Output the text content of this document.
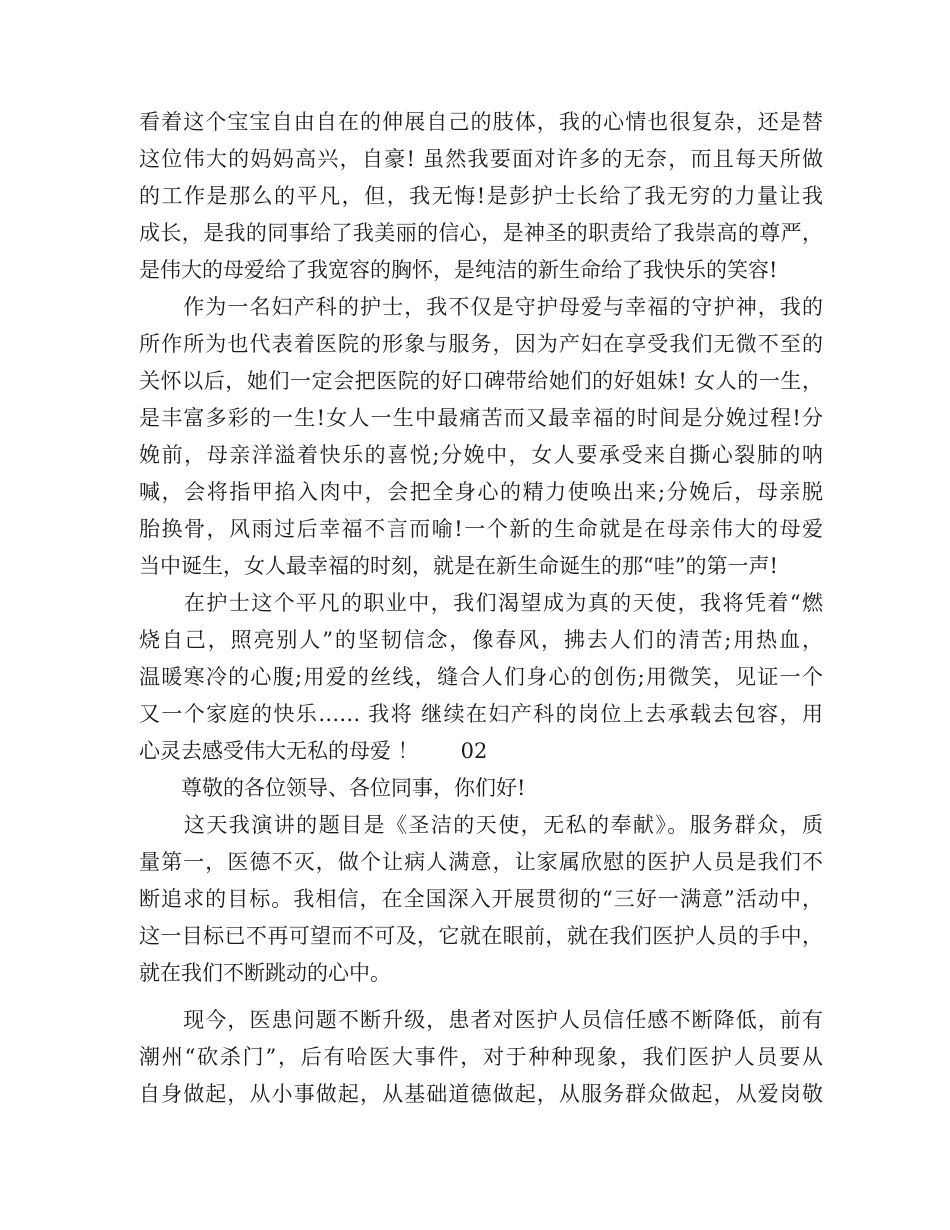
看着这个宝宝自由自在的伸展自己的肢体，我的心情也很复杂，还是替
这位伟大的妈妈高兴，自豪! 虽然我要面对许多的无奈，而且每天所做
的工作是那么的平凡，但，我无悔!是彭护士长给了我无穷的力量让我
成长，是我的同事给了我美丽的信心，是神圣的职责给了我崇高的尊严，
是伟大的母爱给了我宽容的胸怀，是纯洁的新生命给了我快乐的笑容!
　　作为一名妇产科的护士，我不仅是守护母爱与幸福的守护神，我的
所作所为也代表着医院的形象与服务，因为产妇在享受我们无微不至的
关怀以后，她们一定会把医院的好口碑带给她们的好姐妹! 女人的一生，
是丰富多彩的一生!女人一生中最痛苦而又最幸福的时间是分娩过程!分
娩前，母亲洋溢着快乐的喜悦;分娩中，女人要承受来自撕心裂肺的呐
喊，会将指甲掐入肉中，会把全身心的精力使唤出来;分娩后，母亲脱
胎换骨，风雨过后幸福不言而喻!一个新的生命就是在母亲伟大的母爱
当中诞生，女人最幸福的时刻，就是在新生命诞生的那“哇”的第一声!
　　在护士这个平凡的职业中，我们渴望成为真的天使，我将凭着“燃
烧自己，照亮别人”的坚韧信念，像春风，拂去人们的清苦;用热血，
温暖寒冷的心腹;用爱的丝线，缝合人们身心的创伤;用微笑，见证一个
又一个家庭的快乐…… 我将 继续在妇产科的岗位上去承载去包容，用
心灵去感受伟大无私的母爱 ！　　02
　　尊敬的各位领导、各位同事，你们好!
　　这天我演讲的题目是《圣洁的天使，无私的奉献》。服务群众，质
量第一，医德不灭，做个让病人满意，让家属欣慰的医护人员是我们不
断追求的目标。我相信，在全国深入开展贯彻的“三好一满意”活动中，
这一目标已不再可望而不可及，它就在眼前，就在我们医护人员的手中，
就在我们不断跳动的心中。
　　现今，医患问题不断升级，患者对医护人员信任感不断降低，前有
潮州“砍杀门”，后有哈医大事件，对于种种现象，我们医护人员要从
自身做起，从小事做起，从基础道德做起，从服务群众做起，从爱岗敬
